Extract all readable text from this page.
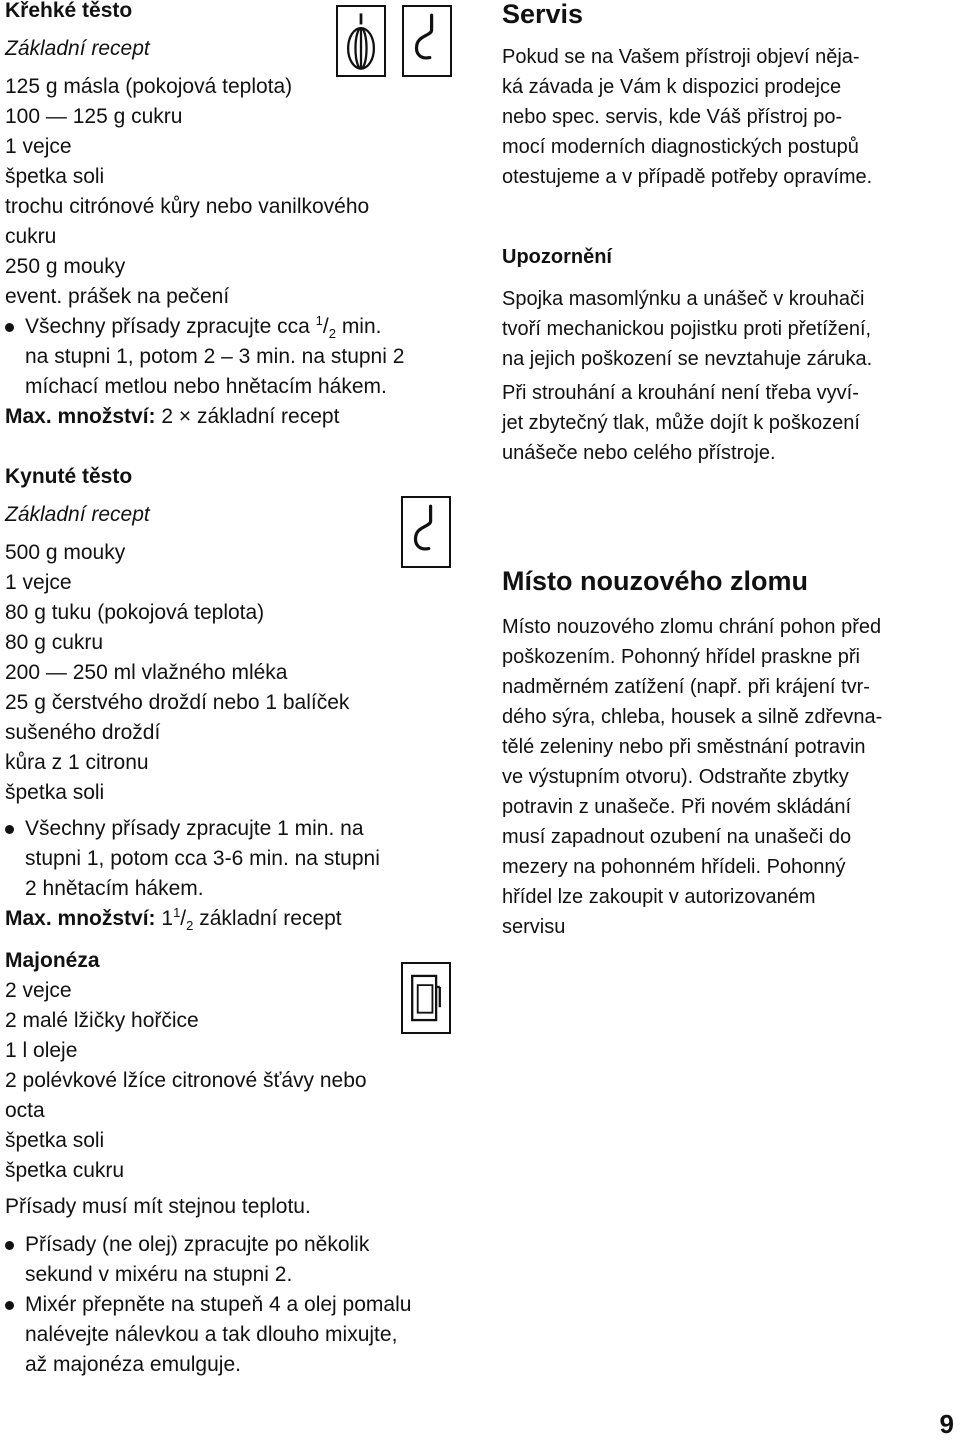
Křehké těsto
Základní recept
125 g másla (pokojová teplota)
100 — 125 g cukru
1 vejce
špetka soli
trochu citrónové kůry nebo vanilkového
cukru
250 g mouky
event. prášek na pečení
Všechny přísady zpracujte cca $^1/_2$ min.
na stupni 1, potom 2 – 3 min. na stupni 2
míchací metlou nebo hnětacím hákem.
Max. množství: 2 × základní recept
Kynuté těsto
Základní recept
500 g mouky
1 vejce
80 g tuku (pokojová teplota)
80 g cukru
200 — 250 ml vlažného mléka
25 g čerstvého droždí nebo 1 balíček
sušeného droždí
kůra z 1 citronu
špetka soli
Všechny přísady zpracujte 1 min. na
stupni 1, potom cca 3-6 min. na stupni
2 hnětacím hákem.
Max. množství: $1^1/_2$ základní recept
Majonéza
2 vejce
2 malé lžičky hořčice
1 l oleje
2 polévkové lžíce citronové šťávy nebo
octa
špetka soli
špetka cukru
Přísady musí mít stejnou teplotu.
Přísady (ne olej) zpracujte po několik
sekund v mixéru na stupni 2.
Mixér přepněte na stupeň 4 a olej pomalu
nalévejte nálevkou a tak dlouho mixujte,
až majonéza emulguje.
Servis
Pokud se na Vašem přístroji objeví něja-
ká závada je Vám k dispozici prodejce
nebo spec. servis, kde Váš přístroj po-
mocí moderních diagnostických postupů
otestujeme a v případě potřeby opravíme.
Upozornění
Spojka masomlýnku a unášeč v krouhači
tvoří mechanickou pojistku proti přetížení,
na jejich poškození se nevztahuje záruka.
Při strouhání a krouhání není třeba vyví-
jet zbytečný tlak, může dojít k poškození
unášeče nebo celého přístroje.
Místo nouzového zlomu
Místo nouzového zlomu chrání pohon před
poškozením. Pohonný hřídel praskne při
nadměrném zatížení (např. při krájení tvr-
dého sýra, chleba, housek a silně zdřevna-
tělé zeleniny nebo při směstnání potravin
ve výstupním otvoru). Odstraňte zbytky
potravin z unašeče. Při novém skládání
musí zapadnout ozubení na unašeči do
mezery na pohonném hřídeli. Pohonný
hřídel lze zakoupit v autorizovaném
servisu
9
